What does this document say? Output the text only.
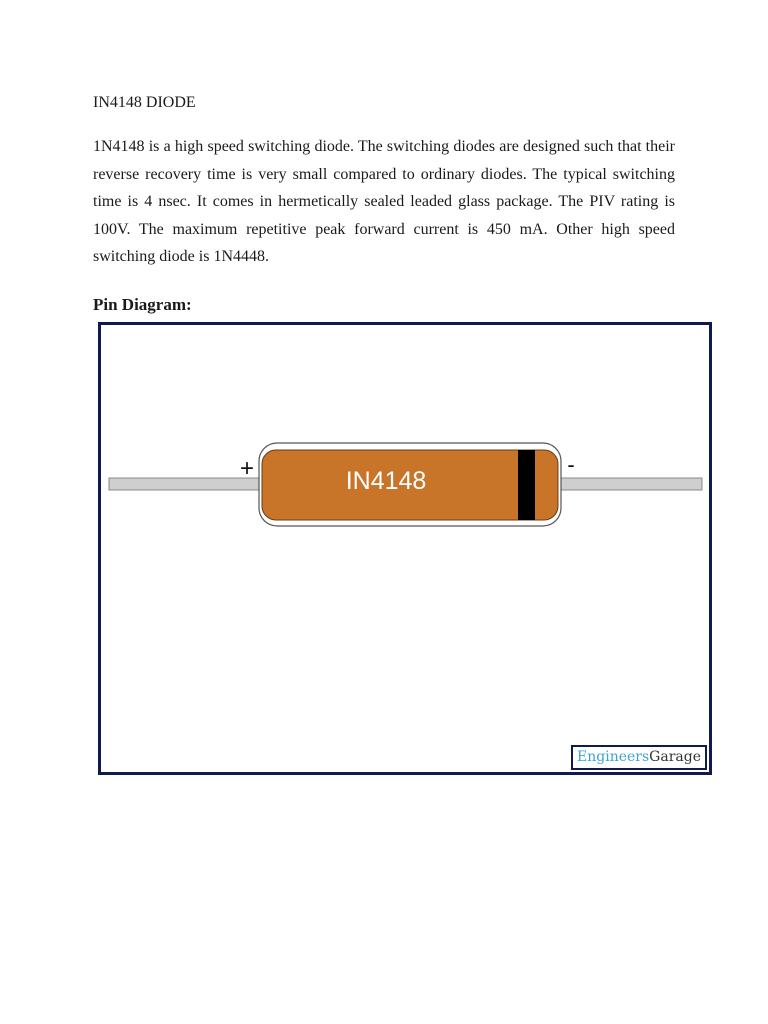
IN4148 DIODE

1N4148 is a high speed switching diode. The switching diodes are designed such that their reverse recovery time is very small compared to ordinary diodes. The typical switching time is 4 nsec. It comes in hermetically sealed leaded glass package. The PIV rating is 100V. The maximum repetitive peak forward current is 450 mA. Other high speed switching diode is 1N4448.

Pin Diagram:
IN4148
+	-
EngineersGarage
